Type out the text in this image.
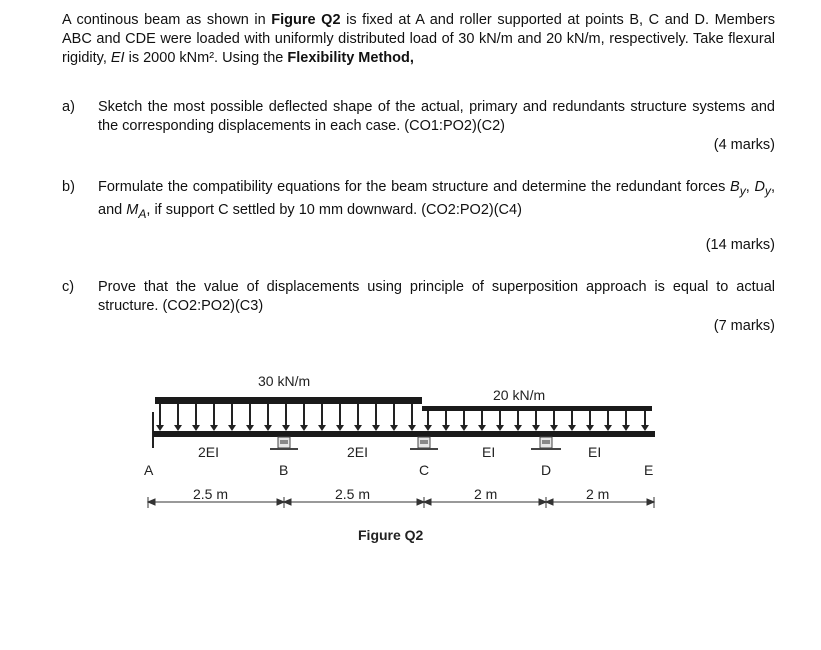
A continous beam as shown in Figure Q2 is fixed at A and roller supported at points B, C and D. Members ABC and CDE were loaded with uniformly distributed load of 30 kN/m and 20 kN/m, respectively. Take flexural rigidity, EI is 2000 kNm². Using the Flexibility Method,
a) Sketch the most possible deflected shape of the actual, primary and redundants structure systems and the corresponding displacements in each case. (CO1:PO2)(C2)
(4 marks)
b) Formulate the compatibility equations for the beam structure and determine the redundant forces $B_y$, $D_y$, and $M_A$, if support C settled by 10 mm downward. (CO2:PO2)(C4)
(14 marks)
c) Prove that the value of displacements using principle of superposition approach is equal to actual structure. (CO2:PO2)(C3)
(7 marks)
30 kN/m
20 kN/m
2EI	2EI	EI	EI
A	B	C	D	E
2.5 m	2.5 m	2 m	2 m
Figure Q2
